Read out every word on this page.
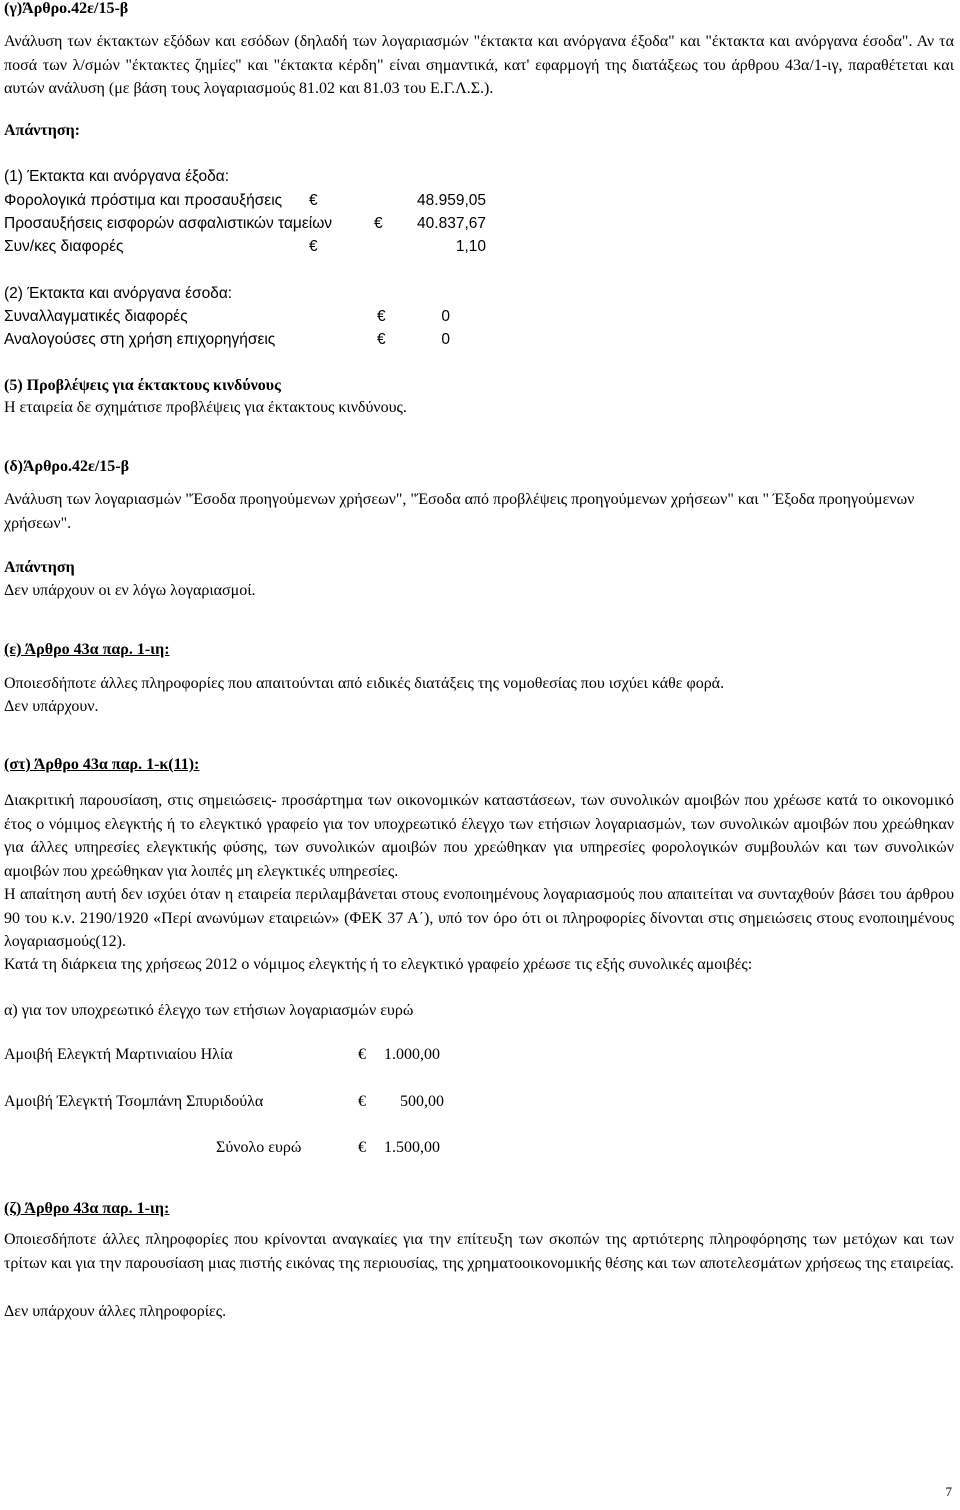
(γ)Άρθρο.42ε/15-β
Ανάλυση των έκτακτων εξόδων και εσόδων (δηλαδή των λογαριασμών "έκτακτα και ανόργανα έξοδα" και "έκτακτα και ανόργανα έσοδα". Αν τα ποσά των λ/σμών "έκτακτες ζημίες" και "έκτακτα κέρδη" είναι σημαντικά, κατ' εφαρμογή της διατάξεως του άρθρου 43α/1-ιγ, παραθέτεται και αυτών ανάλυση (με βάση τους λογαριασμούς 81.02 και 81.03 του Ε.Γ.Λ.Σ.).
Απάντηση:
(1) Έκτακτα και ανόργανα έξοδα:
Φορολογικά πρόστιμα και προσαυξήσεις €	48.959,05
Προσαυξήσεις εισφορών ασφαλιστικών ταμείων	€	40.837,67
Συν/κες διαφορές	€	1,10
(2) Έκτακτα και ανόργανα έσοδα:
Συναλλαγματικές διαφορές	€	0
Αναλογούσες στη χρήση επιχορηγήσεις	€	0
(5) Προβλέψεις για έκτακτους κινδύνους
Η εταιρεία δε σχημάτισε προβλέψεις για έκτακτους κινδύνους.
(δ)Άρθρο.42ε/15-β
Ανάλυση των λογαριασμών "Έσοδα προηγούμενων χρήσεων", "Έσοδα από προβλέψεις προηγούμενων χρήσεων" και " Έξοδα προηγούμενων χρήσεων".
Απάντηση
Δεν υπάρχουν οι εν λόγω λογαριασμοί.
(ε) Άρθρο 43α παρ. 1-ιη:
Οποιεσδήποτε άλλες πληροφορίες που απαιτούνται από ειδικές διατάξεις της νομοθεσίας που ισχύει κάθε φορά.
Δεν υπάρχουν.
(στ) Άρθρο 43α παρ. 1-κ(11):
Διακριτική παρουσίαση, στις σημειώσεις- προσάρτημα των οικονομικών καταστάσεων, των συνολικών αμοιβών που χρέωσε κατά το οικονομικό έτος ο νόμιμος ελεγκτής ή το ελεγκτικό γραφείο για τον υποχρεωτικό έλεγχο των ετήσιων λογαριασμών, των συνολικών αμοιβών που χρεώθηκαν για άλλες υπηρεσίες ελεγκτικής φύσης, των συνολικών αμοιβών που χρεώθηκαν για υπηρεσίες φορολογικών συμβουλών και των συνολικών αμοιβών που χρεώθηκαν για λοιπές μη ελεγκτικές υπηρεσίες.
Η απαίτηση αυτή δεν ισχύει όταν η εταιρεία περιλαμβάνεται στους ενοποιημένους λογαριασμούς που απαιτείται να συνταχθούν βάσει του άρθρου 90 του κ.ν. 2190/1920 «Περί ανωνύμων εταιρειών» (ΦΕΚ 37 Α΄), υπό τον όρο ότι οι πληροφορίες δίνονται στις σημειώσεις στους ενοποιημένους λογαριασμούς(12).
Κατά τη διάρκεια της χρήσεως 2012 ο νόμιμος ελεγκτής ή το ελεγκτικό γραφείο χρέωσε τις εξής συνολικές αμοιβές:
α) για τον υποχρεωτικό έλεγχο των ετήσιων λογαριασμών ευρώ
Αμοιβή Ελεγκτή Μαρτινιαίου Ηλία	€	1.000,00
Αμοιβή Έλεγκτή Τσομπάνη Σπυριδούλα	€	500,00
Σύνολο ευρώ	€	1.500,00
(ζ) Άρθρο 43α παρ. 1-ιη:
Οποιεσδήποτε άλλες πληροφορίες που κρίνονται αναγκαίες για την επίτευξη των σκοπών της αρτιότερης πληροφόρησης των μετόχων και των τρίτων και για την παρουσίαση μιας πιστής εικόνας της περιουσίας, της χρηματοοικονομικής θέσης και των αποτελεσμάτων χρήσεως της εταιρείας.
Δεν υπάρχουν άλλες πληροφορίες.
7
